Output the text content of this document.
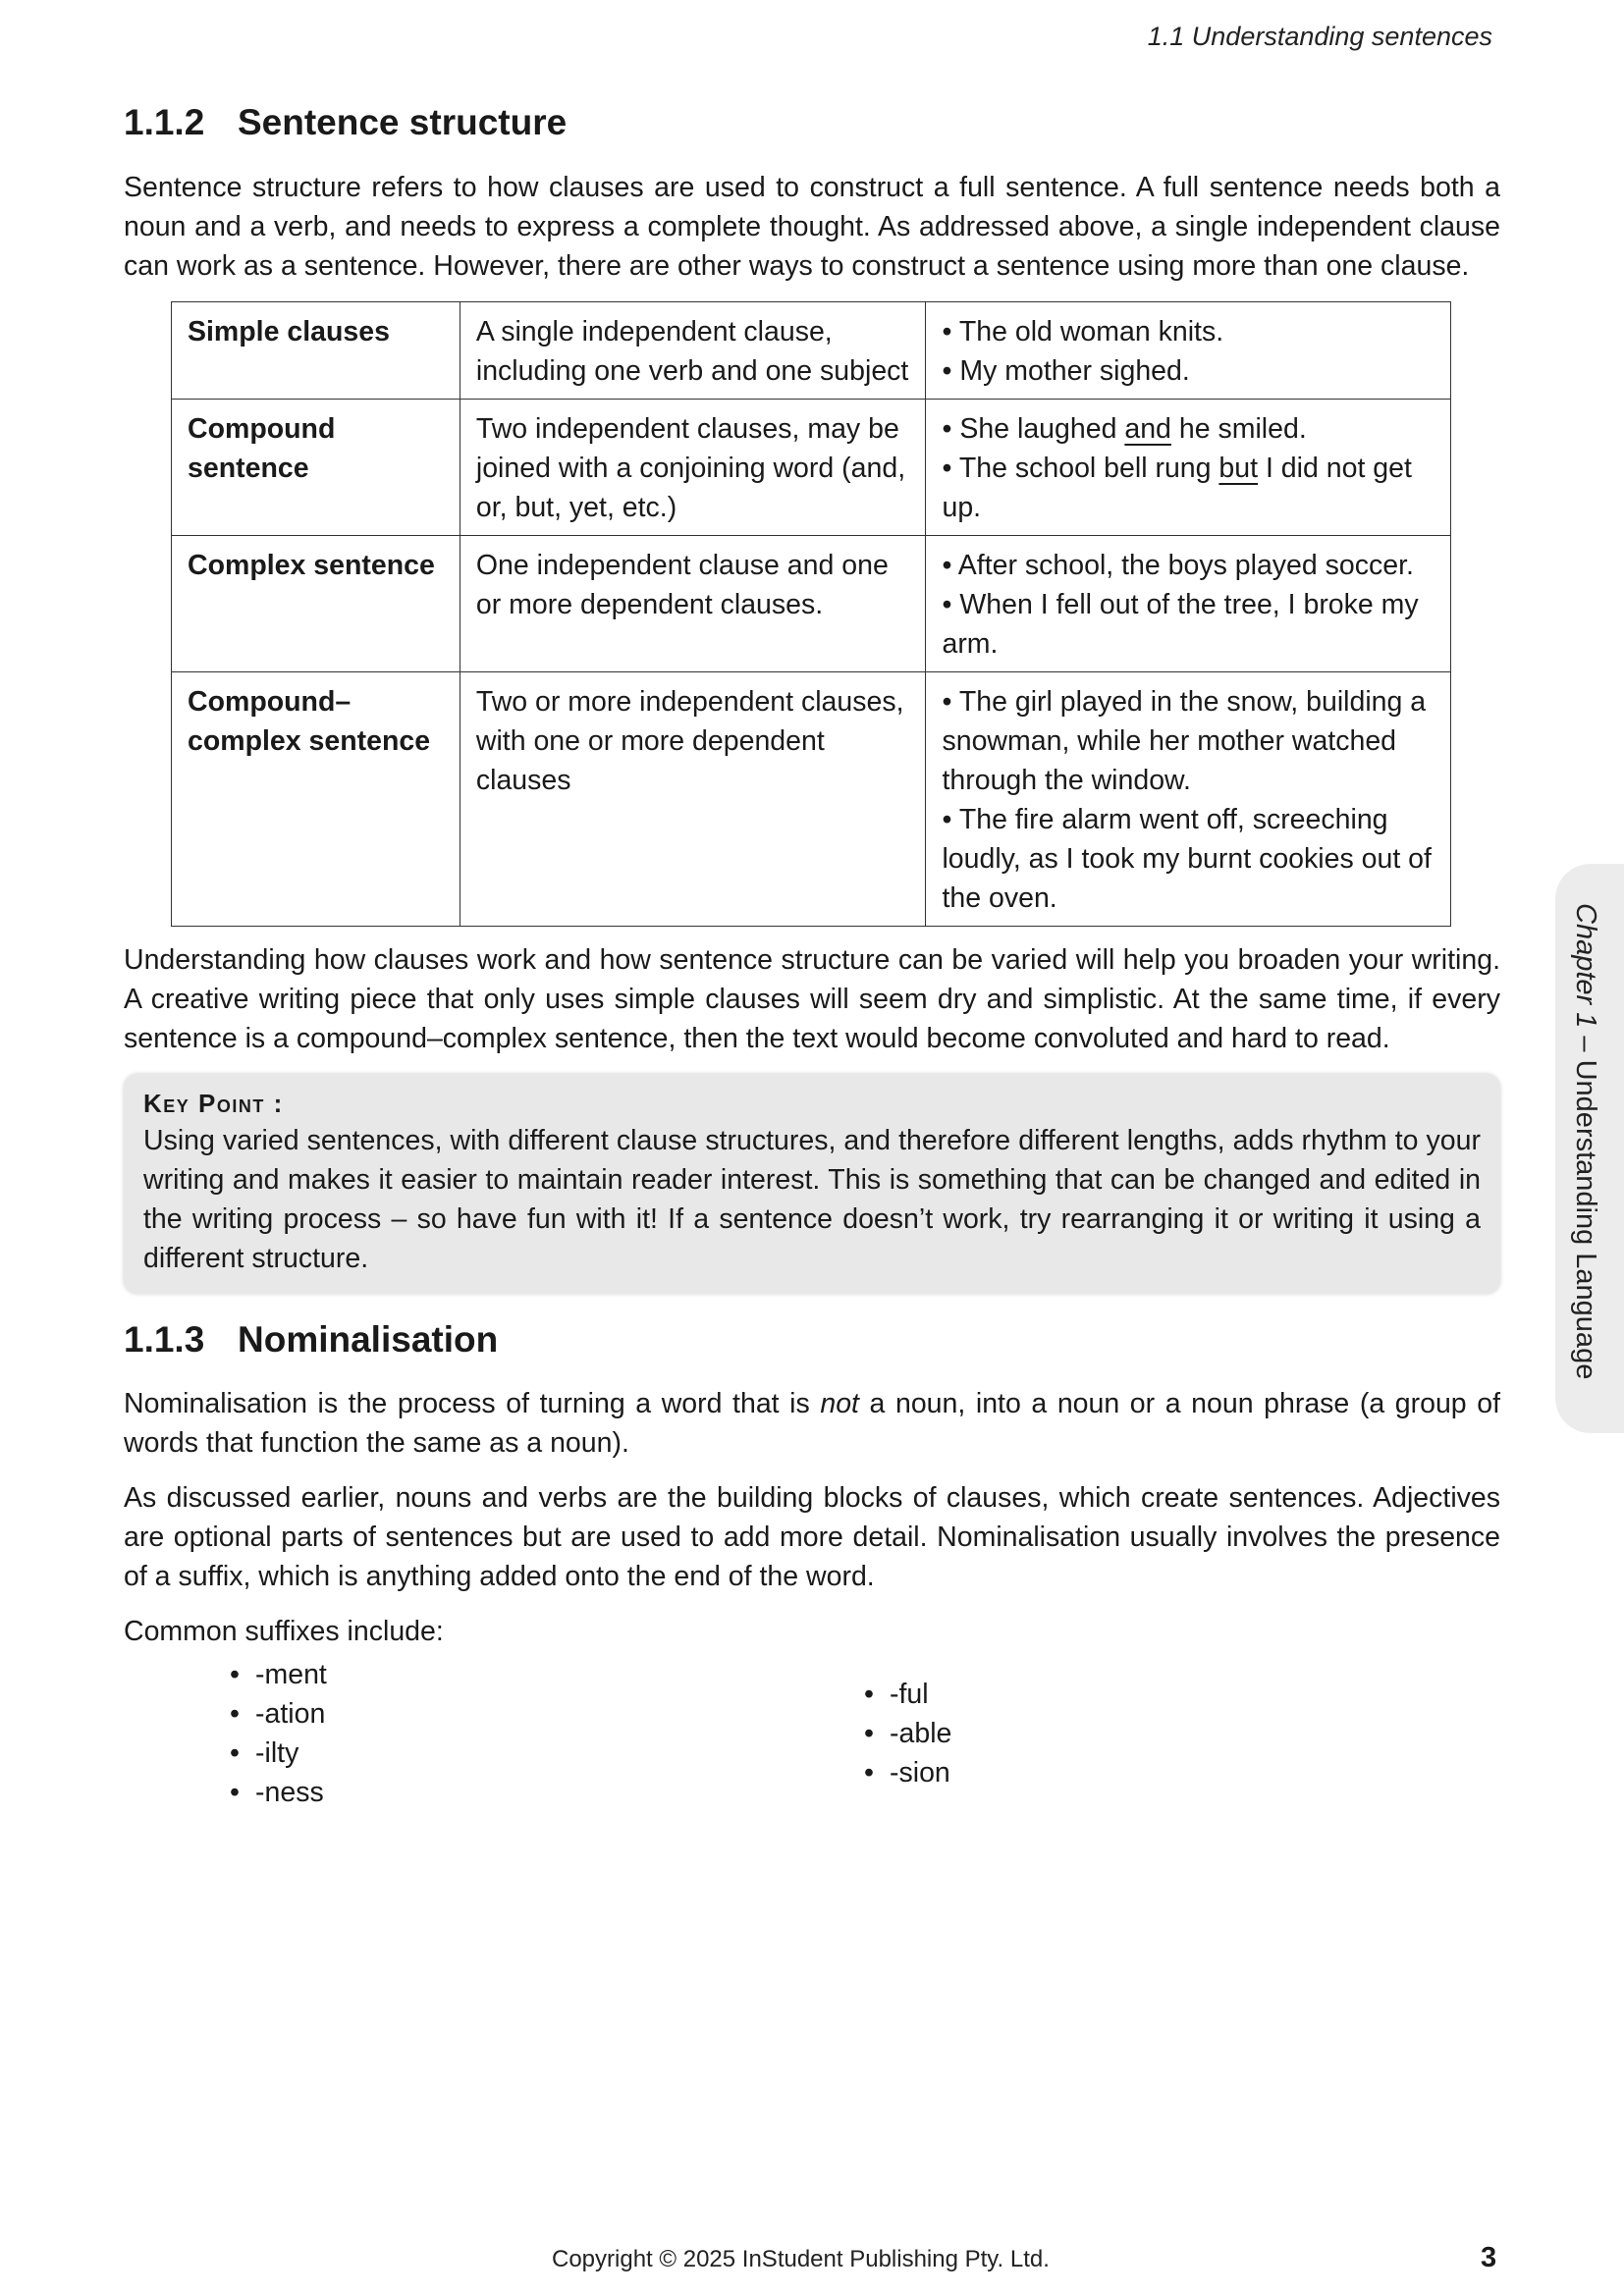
1.1 Understanding sentences
1.1.2 Sentence structure

Sentence structure refers to how clauses are used to construct a full sentence. A full sentence needs both a noun and a verb, and needs to express a complete thought. As addressed above, a single independent clause can work as a sentence. However, there are other ways to construct a sentence using more than one clause.

Simple clauses	A single independent clause, including one verb and one subject	• The old woman knits.
• My mother sighed.

Compound sentence	Two independent clauses, may be joined with a conjoining word (and, or, but, yet, etc.)	• She laughed and he smiled.
• The school bell rung but I did not get up.

Complex sentence	One independent clause and one or more dependent clauses.	• After school, the boys played soccer.
• When I fell out of the tree, I broke my arm.

Compound–complex sentence	Two or more independent clauses, with one or more dependent clauses	• The girl played in the snow, building a snowman, while her mother watched through the window.
• The fire alarm went off, screeching loudly, as I took my burnt cookies out of the oven.

Understanding how clauses work and how sentence structure can be varied will help you broaden your writing. A creative writing piece that only uses simple clauses will seem dry and simplistic. At the same time, if every sentence is a compound–complex sentence, then the text would become convoluted and hard to read.

Key Point :

Using varied sentences, with different clause structures, and therefore different lengths, adds rhythm to your writing and makes it easier to maintain reader interest. This is something that can be changed and edited in the writing process – so have fun with it! If a sentence doesn’t work, try rearranging it or writing it using a different structure.

1.1.3 Nominalisation

Nominalisation is the process of turning a word that is not a noun, into a noun or a noun phrase (a group of words that function the same as a noun).

As discussed earlier, nouns and verbs are the building blocks of clauses, which create sentences. Adjectives are optional parts of sentences but are used to add more detail. Nominalisation usually involves the presence of a suffix, which is anything added onto the end of the word.

Common suffixes include:

• -ment
• -ation
• -ilty
• -ness
• -ful
• -able
• -sion
Chapter 1 – Understanding Language
Copyright © 2025 InStudent Publishing Pty. Ltd.	3
